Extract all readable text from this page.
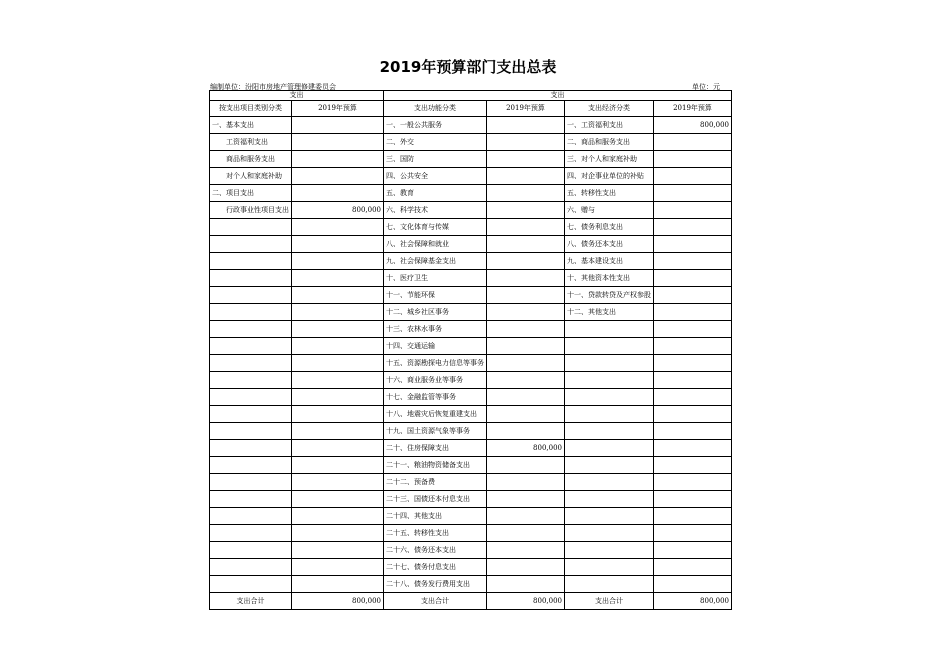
2019年预算部门支出总表
编制单位：汾阳市房地产管理修建委员会	单位：元
支出		支出			
按支出项目类别分类	2019年预算	支出功能分类	2019年预算	支出经济分类	2019年预算
一、基本支出		一、一般公共服务		一、工资福利支出	800,000
工资福利支出		二、外交		二、商品和服务支出	
商品和服务支出		三、国防		三、对个人和家庭补助	
对个人和家庭补助		四、公共安全		四、对企事业单位的补贴	
二、项目支出		五、教育		五、转移性支出	
行政事业性项目支出	800,000	六、科学技术		六、赠与	
		七、文化体育与传媒		七、债务利息支出	
		八、社会保障和就业		八、债务还本支出	
		九、社会保障基金支出		九、基本建设支出	
		十、医疗卫生		十、其他资本性支出	
		十一、节能环保		十一、贷款转贷及产权参股	
		十二、城乡社区事务		十二、其他支出	
		十三、农林水事务			
		十四、交通运输			
		十五、资源勘探电力信息等事务			
		十六、商业服务业等事务			
		十七、金融监管等事务			
		十八、地震灾后恢复重建支出			
		十九、国土资源气象等事务			
		二十、住房保障支出	800,000		
		二十一、粮油物资储备支出			
		二十二、预备费			
		二十三、国债还本付息支出			
		二十四、其他支出			
		二十五、转移性支出			
		二十六、债务还本支出			
		二十七、债务付息支出			
		二十八、债务发行费用支出			
支出合计	800,000	支出合计	800,000	支出合计	800,000
